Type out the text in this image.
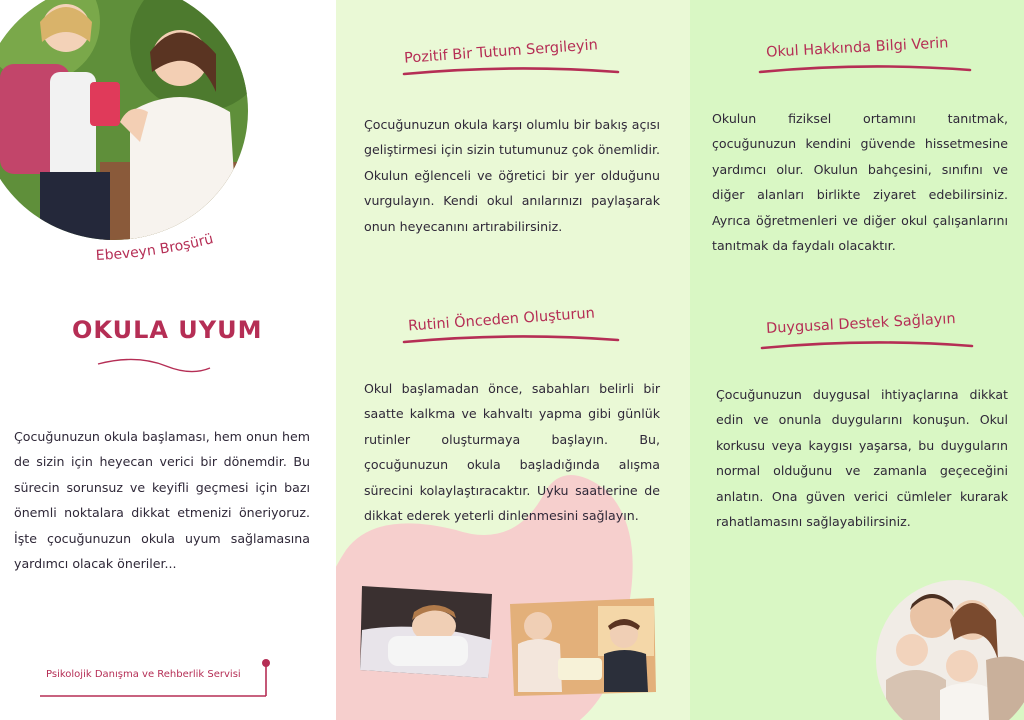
Ebeveyn Broşürü
OKULA UYUM
Çocuğunuzun okula başlaması, hem onun hem de sizin için heyecan verici bir dönemdir. Bu sürecin sorunsuz ve keyifli geçmesi için bazı önemli noktalara dikkat etmenizi öneriyoruz. İşte çocuğunuzun okula uyum sağlamasına yardımcı olacak öneriler...
Psikolojik Danışma ve Rehberlik Servisi
Pozitif Bir Tutum Sergileyin
Çocuğunuzun okula karşı olumlu bir bakış açısı geliştirmesi için sizin tutumunuz çok önemlidir. Okulun eğlenceli ve öğretici bir yer olduğunu vurgulayın. Kendi okul anılarınızı paylaşarak onun heyecanını artırabilirsiniz.
Rutini Önceden Oluşturun
Okul başlamadan önce, sabahları belirli bir saatte kalkma ve kahvaltı yapma gibi günlük rutinler oluşturmaya başlayın. Bu, çocuğunuzun okula başladığında alışma sürecini kolaylaştıracaktır. Uyku saatlerine de dikkat ederek yeterli dinlenmesini sağlayın.
Okul Hakkında Bilgi Verin
Okulun fiziksel ortamını tanıtmak, çocuğunuzun kendini güvende hissetmesine yardımcı olur. Okulun bahçesini, sınıfını ve diğer alanları birlikte ziyaret edebilirsiniz. Ayrıca öğretmenleri ve diğer okul çalışanlarını tanıtmak da faydalı olacaktır.
Duygusal Destek Sağlayın
Çocuğunuzun duygusal ihtiyaçlarına dikkat edin ve onunla duygularını konuşun. Okul korkusu veya kaygısı yaşarsa, bu duyguların normal olduğunu ve zamanla geçeceğini anlatın. Ona güven verici cümleler kurarak rahatlamasını sağlayabilirsiniz.
